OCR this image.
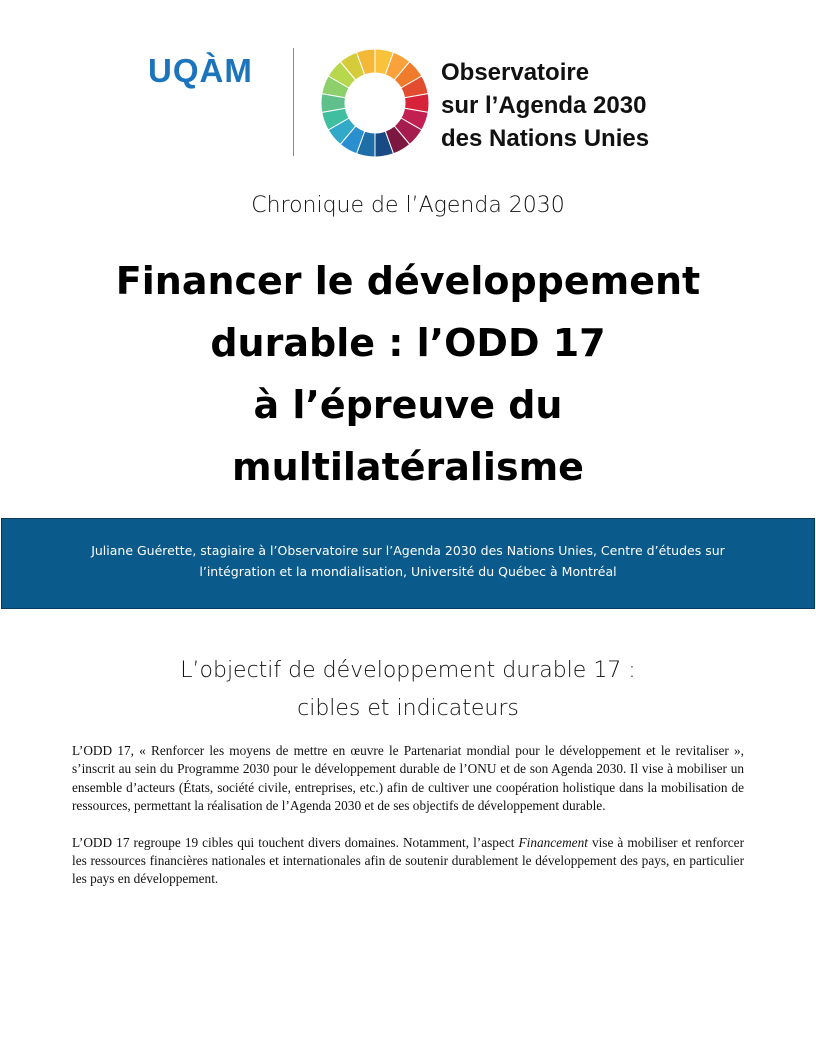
UQÀM	Observatoire
sur l’Agenda 2030
des Nations Unies
Chronique de l’Agenda 2030
Financer le développement
durable : l’ODD 17
à l’épreuve du
multilatéralisme
Juliane Guérette, stagiaire à l’Observatoire sur l’Agenda 2030 des Nations Unies, Centre d’études sur
l’intégration et la mondialisation, Université du Québec à Montréal
L’objectif de développement durable 17 :
cibles et indicateurs

L’ODD 17, « Renforcer les moyens de mettre en œuvre le Partenariat mondial pour le développement et le revitaliser », s’inscrit au sein du Programme 2030 pour le développement durable de l’ONU et de son Agenda 2030. Il vise à mobiliser un ensemble d’acteurs (États, société civile, entreprises, etc.) afin de cultiver une coopération holistique dans la mobilisation de ressources, permettant la réalisation de l’Agenda 2030 et de ses objectifs de développement durable.

L’ODD 17 regroupe 19 cibles qui touchent divers domaines. Notamment, l’aspect Financement vise à mobiliser et renforcer les ressources financières nationales et internationales afin de soutenir durablement le développement des pays, en particulier les pays en développement.
